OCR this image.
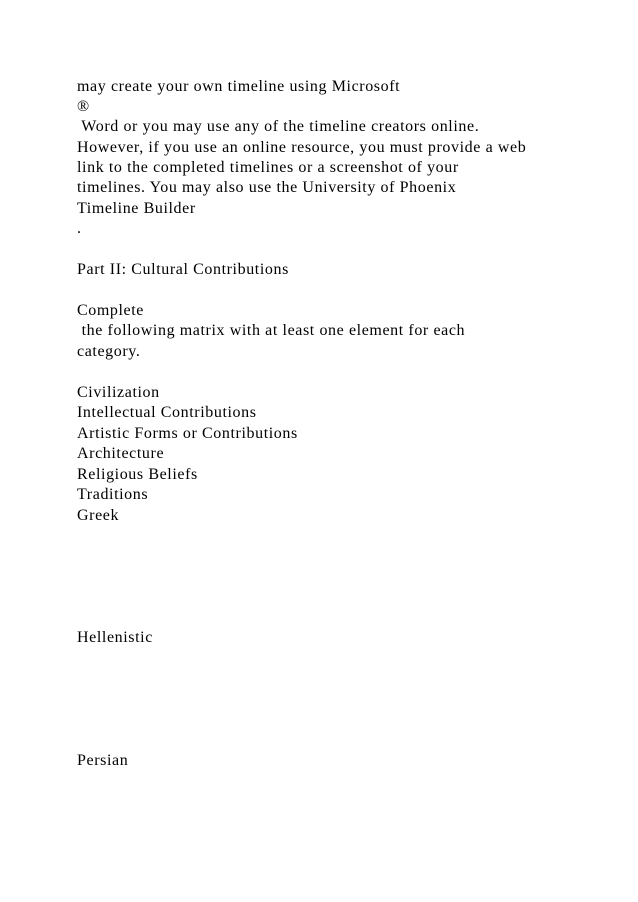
may create your own timeline using Microsoft

®

Word or you may use any of the timeline creators online.

However, if you use an online resource, you must provide a web

link to the completed timelines or a screenshot of your

timelines. You may also use the University of Phoenix

Timeline Builder

.

Part II: Cultural Contributions

Complete

the following matrix with at least one element for each

category.

Civilization

Intellectual Contributions

Artistic Forms or Contributions

Architecture

Religious Beliefs

Traditions

Greek

Hellenistic

Persian
